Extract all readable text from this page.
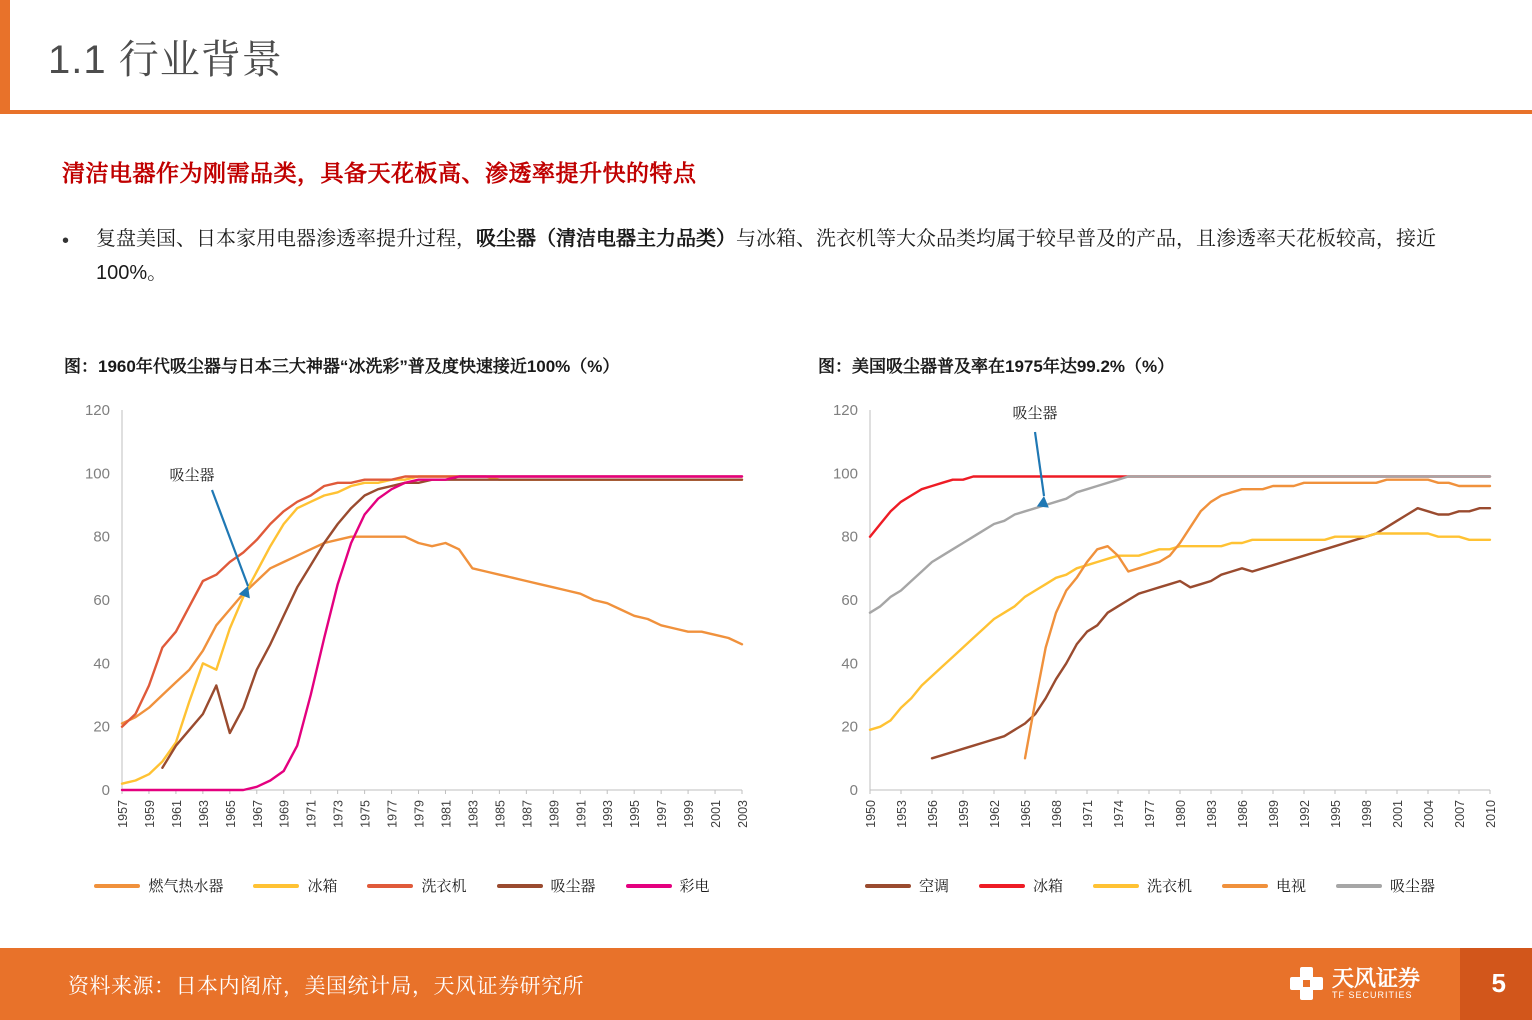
1.1 行业背景
清洁电器作为刚需品类，具备天花板高、渗透率提升快的特点
• 复盘美国、日本家用电器渗透率提升过程，吸尘器（清洁电器主力品类）与冰箱、洗衣机等大众品类均属于较早普及的产品，且渗透率天花板较高，接近100%。
图：1960年代吸尘器与日本三大神器“冰洗彩”普及度快速接近100%（%）	图：美国吸尘器普及率在1975年达99.2%（%）
0
20
40
60
80
100
120
1957 1959 1961 1963 1965 1967 1969 1971 1973 1975 1977 1979 1981 1983 1985 1987 1989 1991 1993 1995 1997 1999 2001 2003
吸尘器
燃气热水器	冰箱	洗衣机	吸尘器	彩电
0
20
40
60
80
100
120
1950 1953 1956 1959 1962 1965 1968 1971 1974 1977 1980 1983 1986 1989 1992 1995 1998 2001 2004 2007 2010
吸尘器
空调	冰箱	洗衣机	电视	吸尘器
资料来源：日本内阁府，美国统计局，天风证券研究所	天风证券
TF SECURITIES	5
